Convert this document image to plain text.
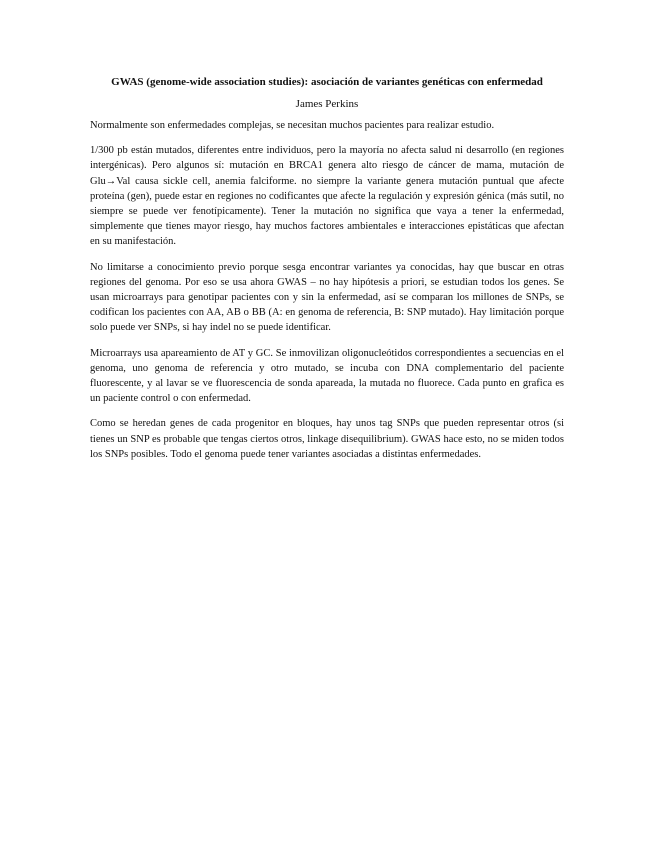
GWAS (genome-wide association studies): asociación de variantes genéticas con enfermedad

James Perkins

Normalmente son enfermedades complejas, se necesitan muchos pacientes para realizar estudio.

1/300 pb están mutados, diferentes entre individuos, pero la mayoría no afecta salud ni desarrollo (en regiones intergénicas). Pero algunos sí: mutación en BRCA1 genera alto riesgo de cáncer de mama, mutación de Glu→Val causa sickle cell, anemia falciforme. no siempre la variante genera mutación puntual que afecte proteína (gen), puede estar en regiones no codificantes que afecte la regulación y expresión génica (más sutil, no siempre se puede ver fenotípicamente). Tener la mutación no significa que vaya a tener la enfermedad, simplemente que tienes mayor riesgo, hay muchos factores ambientales e interacciones epistáticas que afectan en su manifestación.

No limitarse a conocimiento previo porque sesga encontrar variantes ya conocidas, hay que buscar en otras regiones del genoma. Por eso se usa ahora GWAS – no hay hipótesis a priori, se estudian todos los genes. Se usan microarrays para genotipar pacientes con y sin la enfermedad, así se comparan los millones de SNPs, se codifican los pacientes con AA, AB o BB (A: en genoma de referencia, B: SNP mutado). Hay limitación porque solo puede ver SNPs, si hay indel no se puede identificar.

Microarrays usa apareamiento de AT y GC. Se inmovilizan oligonucleótidos correspondientes a secuencias en el genoma, uno genoma de referencia y otro mutado, se incuba con DNA complementario del paciente fluorescente, y al lavar se ve fluorescencia de sonda apareada, la mutada no fluorece. Cada punto en grafica es un paciente control o con enfermedad.

Como se heredan genes de cada progenitor en bloques, hay unos tag SNPs que pueden representar otros (si tienes un SNP es probable que tengas ciertos otros, linkage disequilibrium). GWAS hace esto, no se miden todos los SNPs posibles. Todo el genoma puede tener variantes asociadas a distintas enfermedades.
